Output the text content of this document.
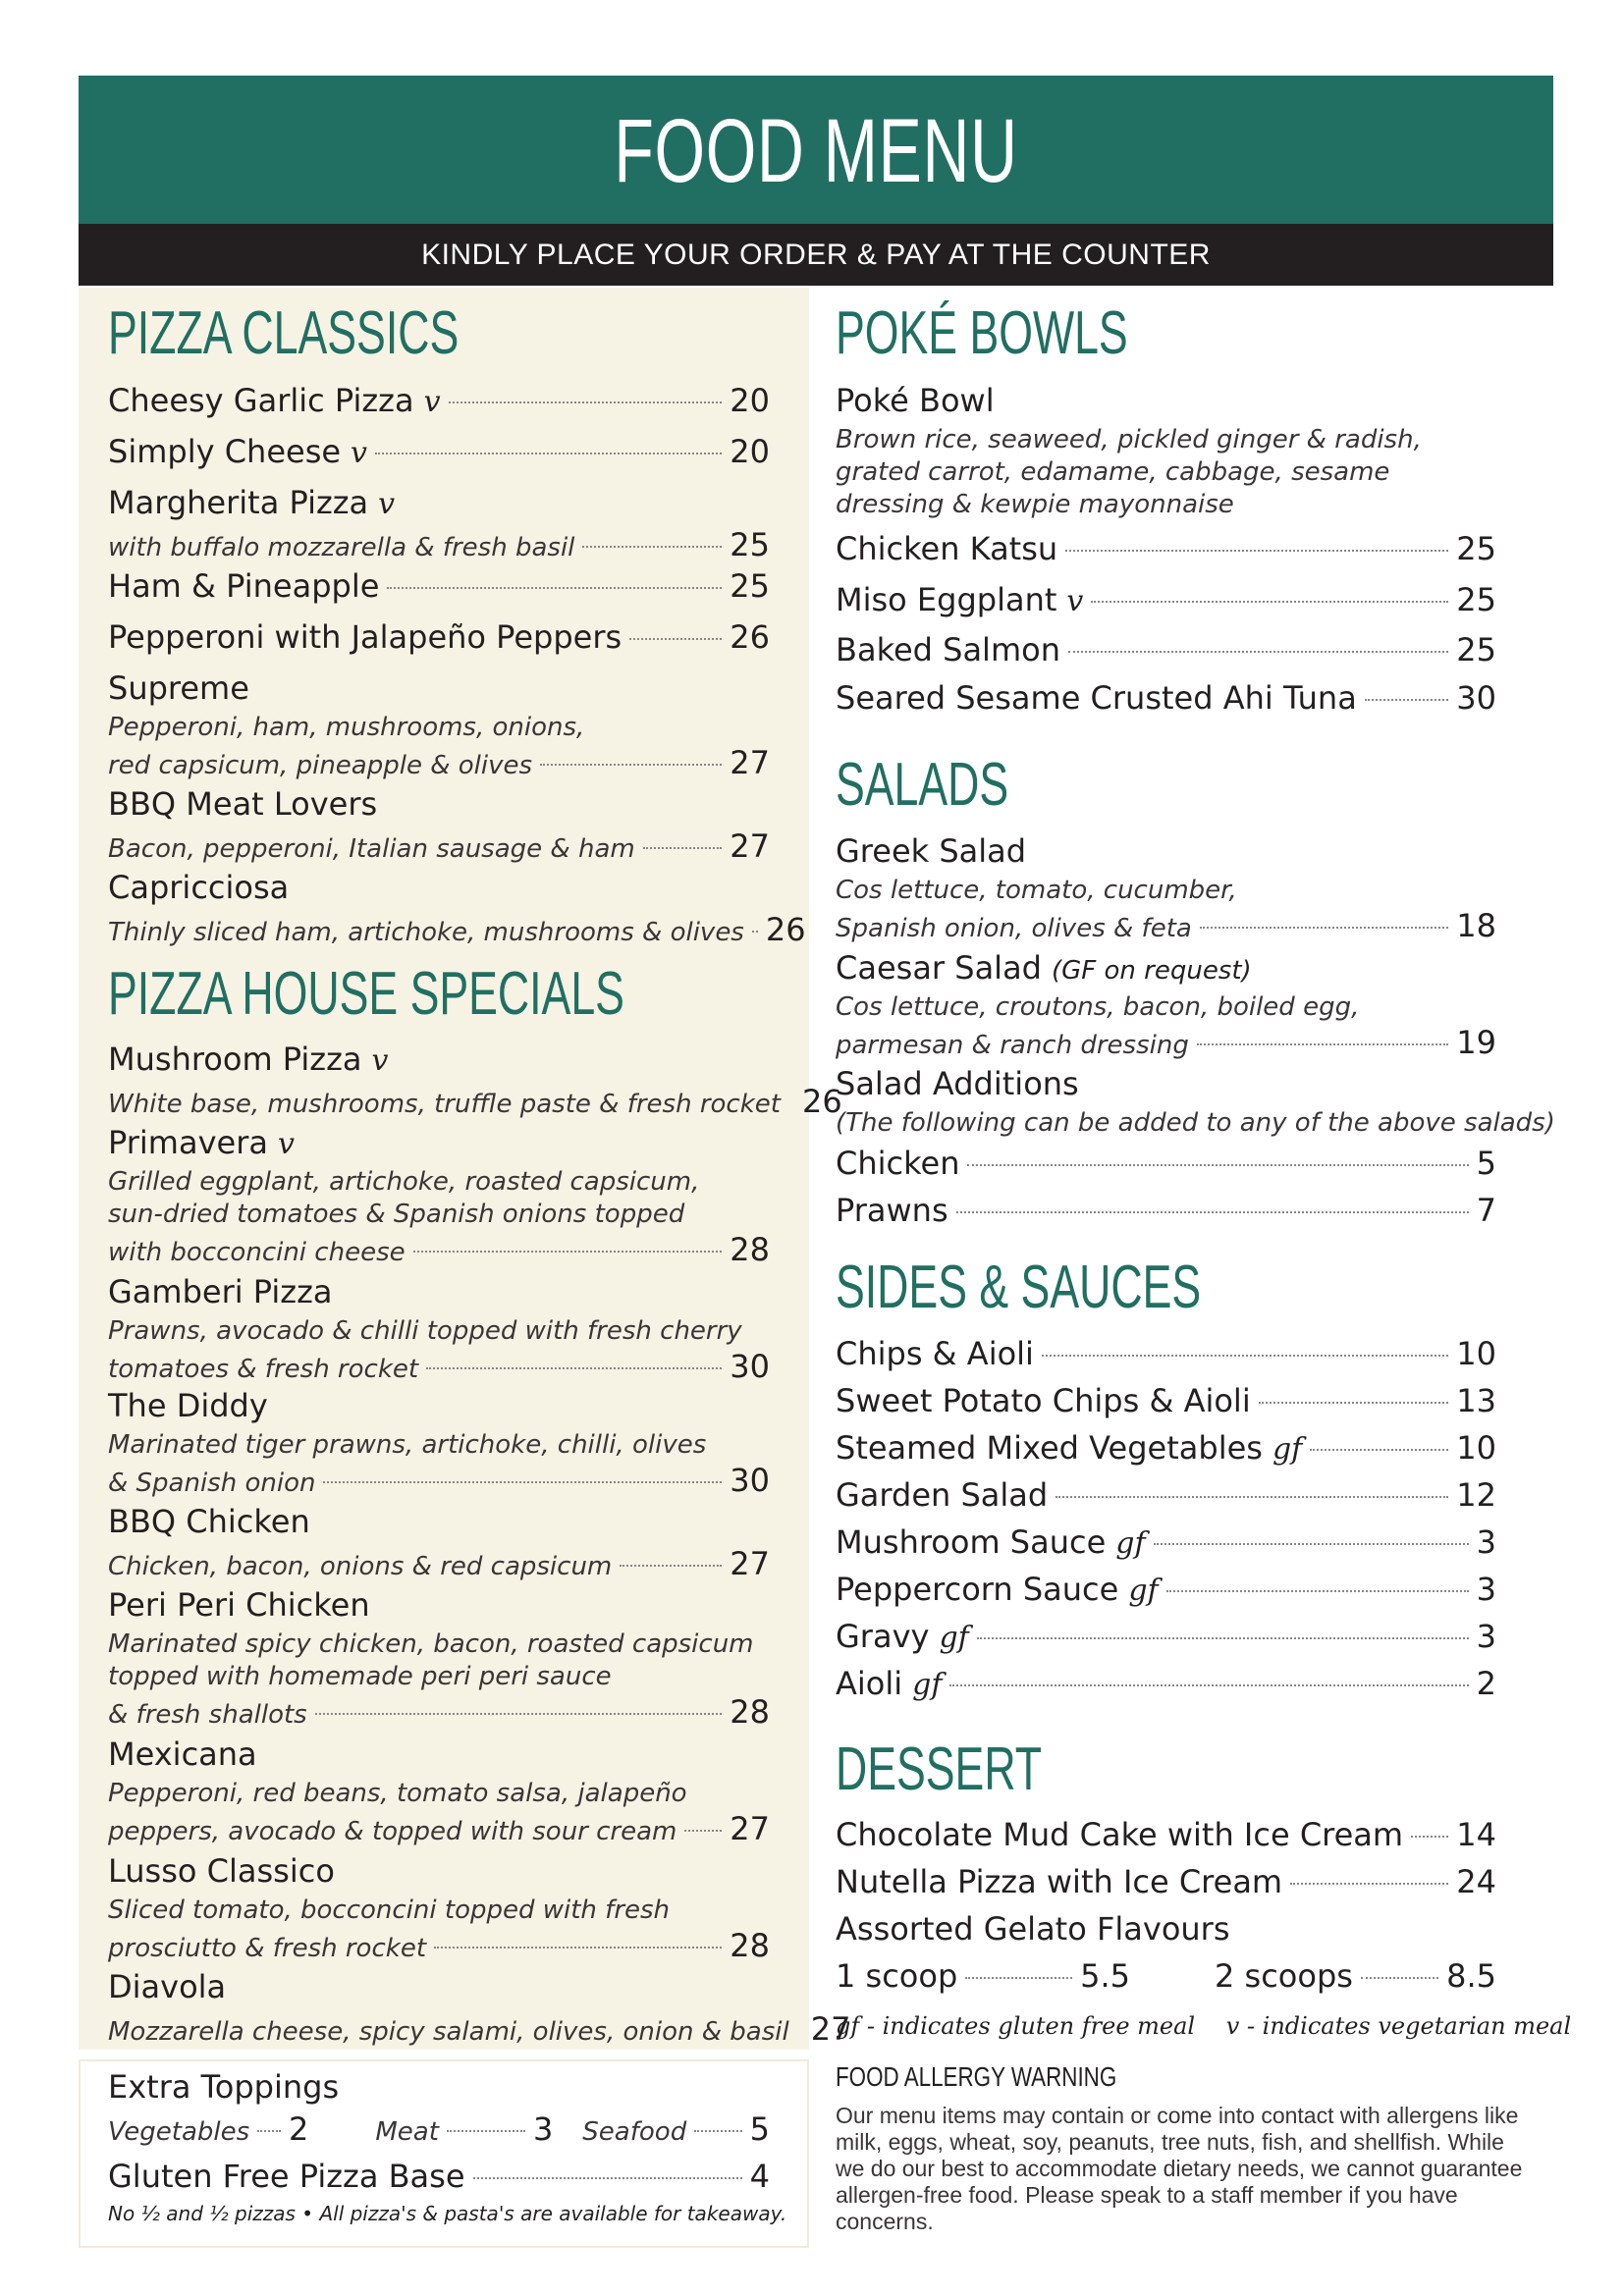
FOOD MENU
KINDLY PLACE YOUR ORDER & PAY AT THE COUNTER
PIZZA CLASSICS
Cheesy Garlic Pizza v	20
Simply Cheese v	20
Margherita Pizza v
with buffalo mozzarella & fresh basil	25
Ham & Pineapple	25
Pepperoni with Jalapeño Peppers	26
Supreme
Pepperoni, ham, mushrooms, onions,
red capsicum, pineapple & olives	27
BBQ Meat Lovers
Bacon, pepperoni, Italian sausage & ham	27
Capricciosa
Thinly sliced ham, artichoke, mushrooms & olives 26
PIZZA HOUSE SPECIALS
Mushroom Pizza v
White base, mushrooms, truffle paste & fresh rocket 26
Primavera v
Grilled eggplant, artichoke, roasted capsicum,
sun-dried tomatoes & Spanish onions topped
with bocconcini cheese	28
Gamberi Pizza
Prawns, avocado & chilli topped with fresh cherry
tomatoes & fresh rocket	30
The Diddy
Marinated tiger prawns, artichoke, chilli, olives
& Spanish onion	30
BBQ Chicken
Chicken, bacon, onions & red capsicum	27
Peri Peri Chicken
Marinated spicy chicken, bacon, roasted capsicum
topped with homemade peri peri sauce
& fresh shallots	28
Mexicana
Pepperoni, red beans, tomato salsa, jalapeño
peppers, avocado & topped with sour cream 27
Lusso Classico
Sliced tomato, bocconcini topped with fresh
prosciutto & fresh rocket	28
Diavola
Mozzarella cheese, spicy salami, olives, onion & basil 27
Extra Toppings
Vegetables 2	Meat	3 Seafood 5
Gluten Free Pizza Base	4
No ½ and ½ pizzas • All pizza's & pasta's are available for takeaway.
POKÉ BOWLS
Poké Bowl
Brown rice, seaweed, pickled ginger & radish,
grated carrot, edamame, cabbage, sesame
dressing & kewpie mayonnaise
Chicken Katsu	25
Miso Eggplant v	25
Baked Salmon	25
Seared Sesame Crusted Ahi Tuna	30
SALADS
Greek Salad
Cos lettuce, tomato, cucumber,
Spanish onion, olives & feta	18
Caesar Salad (GF on request)
Cos lettuce, croutons, bacon, boiled egg,
parmesan & ranch dressing	19
Salad Additions
(The following can be added to any of the above salads)
Chicken	5
Prawns	7
SIDES & SAUCES
Chips & Aioli	10
Sweet Potato Chips & Aioli	13
Steamed Mixed Vegetables gf	10
Garden Salad	12
Mushroom Sauce gf	3
Peppercorn Sauce gf	3
Gravy gf	3
Aioli gf	2
DESSERT
Chocolate Mud Cake with Ice Cream 14
Nutella Pizza with Ice Cream	24
Assorted Gelato Flavours
1 scoop	5.5	2 scoops	8.5
gf - indicates gluten free meal v - indicates vegetarian meal
FOOD ALLERGY WARNING
Our menu items may contain or come into contact with allergens like milk, eggs, wheat, soy, peanuts, tree nuts, fish, and shellfish. While we do our best to accommodate dietary needs, we cannot guarantee allergen-free food. Please speak to a staff member if you have concerns.
